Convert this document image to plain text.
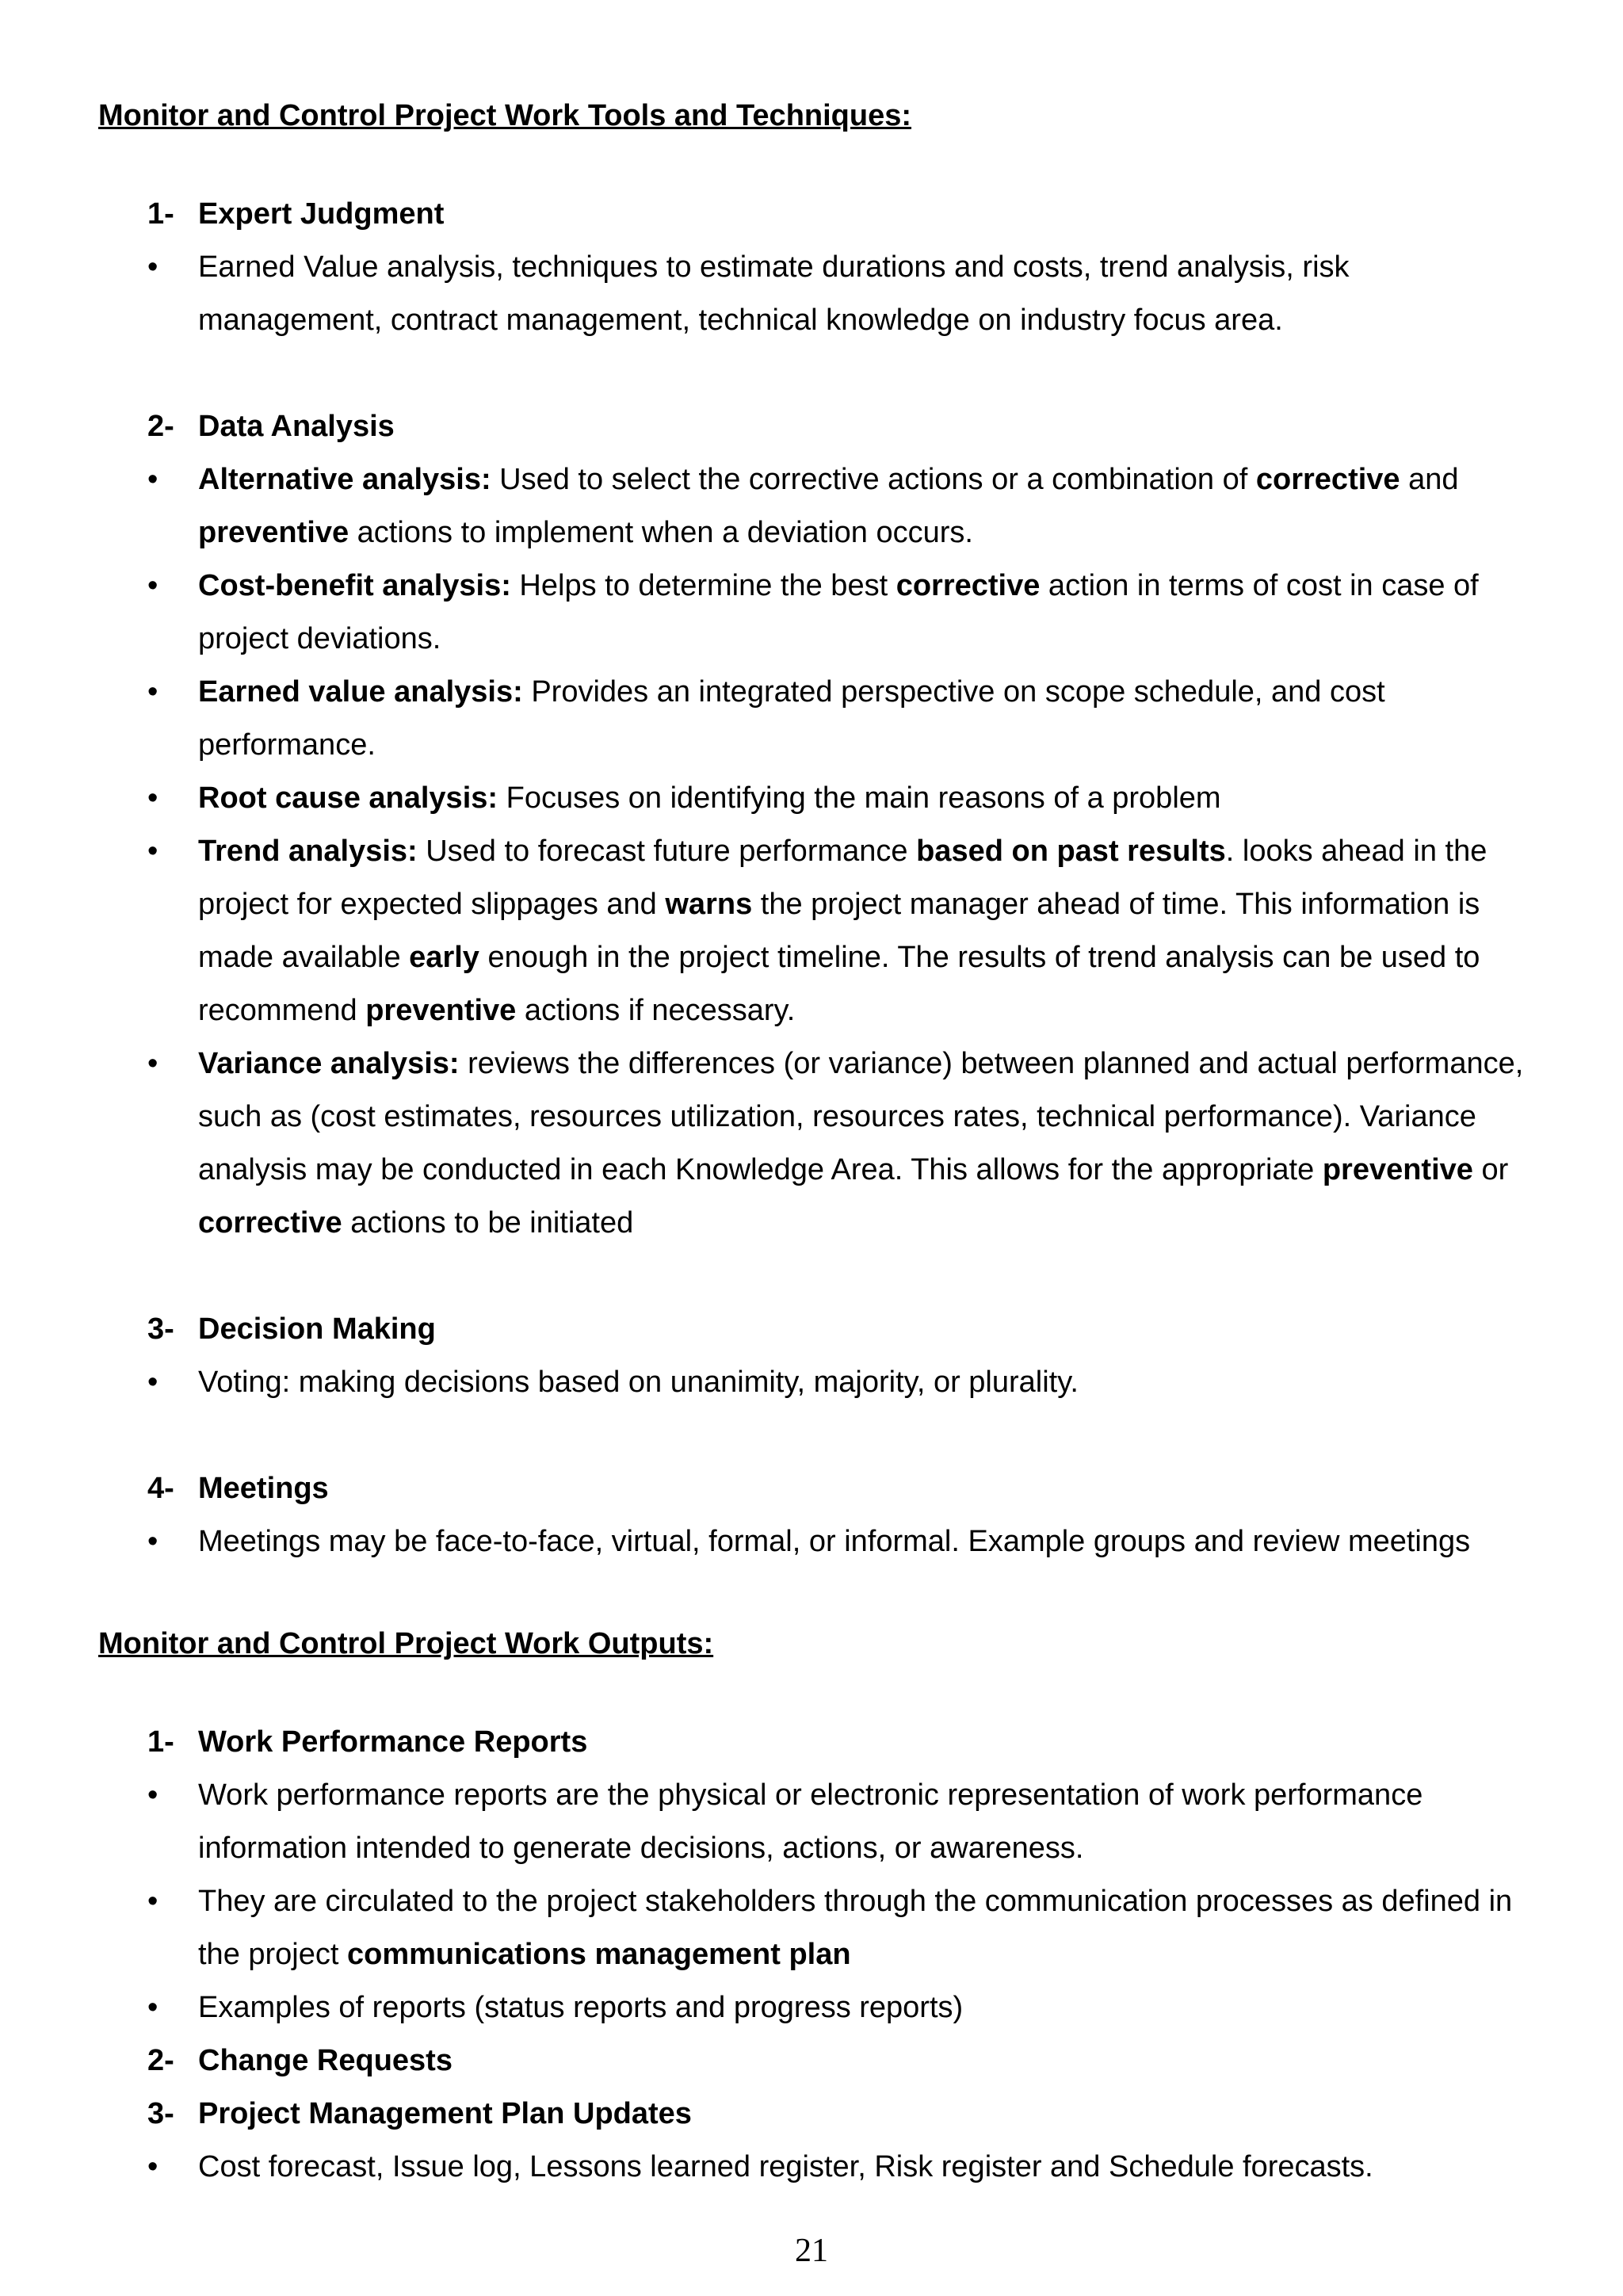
Monitor and Control Project Work Tools and Techniques:
1- Expert Judgment
• Earned Value analysis, techniques to estimate durations and costs, trend analysis, risk management, contract management, technical knowledge on industry focus area.
2- Data Analysis
• Alternative analysis: Used to select the corrective actions or a combination of corrective and preventive actions to implement when a deviation occurs.
• Cost-benefit analysis: Helps to determine the best corrective action in terms of cost in case of project deviations.
• Earned value analysis: Provides an integrated perspective on scope schedule, and cost performance.
• Root cause analysis: Focuses on identifying the main reasons of a problem
• Trend analysis: Used to forecast future performance based on past results. looks ahead in the project for expected slippages and warns the project manager ahead of time. This information is made available early enough in the project timeline. The results of trend analysis can be used to recommend preventive actions if necessary.
• Variance analysis: reviews the differences (or variance) between planned and actual performance, such as (cost estimates, resources utilization, resources rates, technical performance). Variance analysis may be conducted in each Knowledge Area. This allows for the appropriate preventive or corrective actions to be initiated
3- Decision Making
• Voting: making decisions based on unanimity, majority, or plurality.
4- Meetings
• Meetings may be face-to-face, virtual, formal, or informal. Example groups and review meetings
Monitor and Control Project Work Outputs:
1- Work Performance Reports
• Work performance reports are the physical or electronic representation of work performance information intended to generate decisions, actions, or awareness.
• They are circulated to the project stakeholders through the communication processes as defined in the project communications management plan
• Examples of reports (status reports and progress reports)
2- Change Requests
3- Project Management Plan Updates
• Cost forecast, Issue log, Lessons learned register, Risk register and Schedule forecasts.
21
